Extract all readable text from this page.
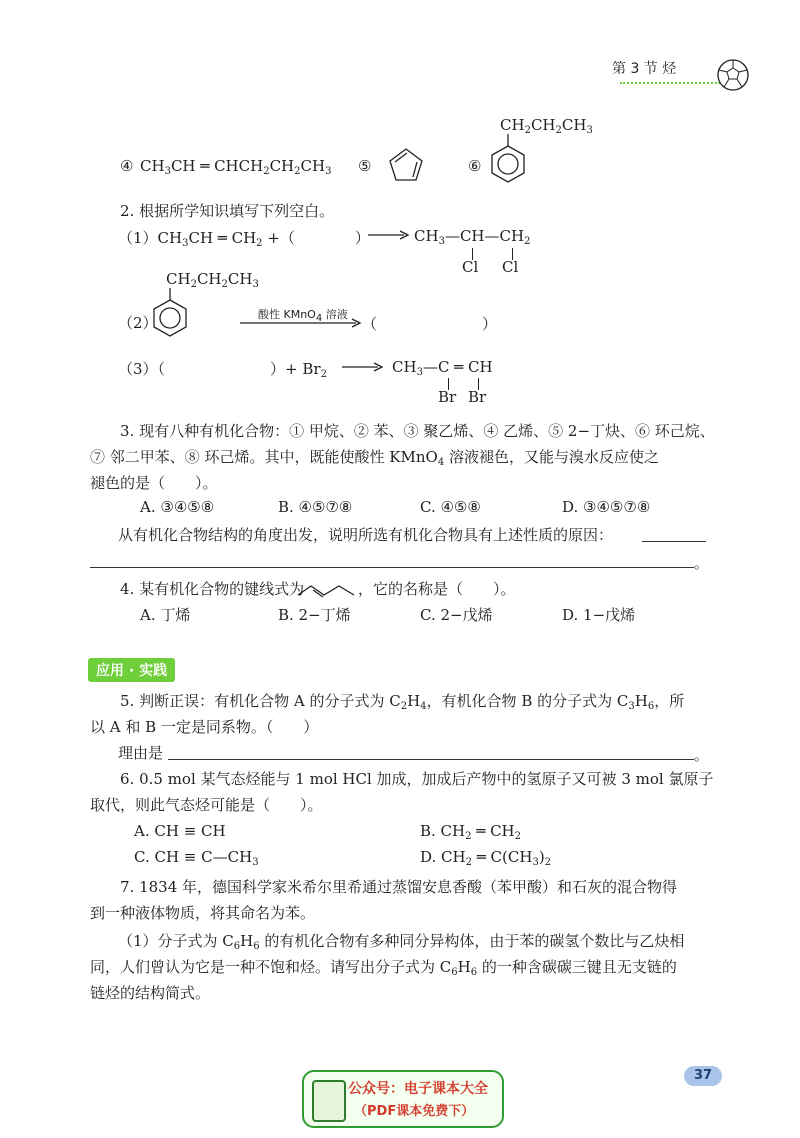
第 3 节 烃
④ $CH_3CH$ ═ $CHCH_2CH_2CH_3$ ⑤	⑥
$CH_2CH_2CH_3$
2. 根据所学知识填写下列空白。
$(1)CH_3CH$ ═ $CH_2$ +（　　　　）	$CH_3—CH—CH_2$
Cl Cl
$CH_2CH_2CH_3$
（2）	酸性 KMnO$_4$ 溶液
（　　　　　　　）
（3）（　　　　　　　）+ $Br_2$	$CH_3—C$ ═ CH
Br Br
3. 现有八种有机化合物：① 甲烷、② 苯、③ 聚乙烯、④ 乙烯、⑤ 2−丁炔、⑥ 环己烷、
⑦ 邻二甲苯、⑧ 环己烯。其中，既能使酸性 KMnO$_4$ 溶液褪色，又能与溴水反应使之
褪色的是（　　）。
A. ③④⑤⑧	B. ④⑤⑦⑧	C. ④⑤⑧	D. ③④⑤⑦⑧
从有机化合物结构的角度出发，说明所选有机化合物具有上述性质的原因：
。
4. 某有机化合物的键线式为	，它的名称是（　　）。
A. 丁烯	B. 2−丁烯	C. 2−戊烯	D. 1−戊烯
应用 · 实践
5. 判断正误：有机化合物 A 的分子式为 $C_2H_4$，有机化合物 B 的分子式为 $C_3H_6$，所
以 A 和 B 一定是同系物。（　　）
理由是	。
6. 0.5 mol 某气态烃能与 1 mol HCl 加成，加成后产物中的氢原子又可被 3 mol 氯原子
取代，则此气态烃可能是（　　）。
A. CH ≡ CH	B. $CH_2$ ═ $CH_2$
C. CH ≡ $C—CH_3$	D. $CH_2$ ═ $C(CH_3)_2$
7. 1834 年，德国科学家米希尔里希通过蒸馏安息香酸（苯甲酸）和石灰的混合物得
到一种液体物质，将其命名为苯。
（1）分子式为 $C_6H_6$ 的有机化合物有多种同分异构体，由于苯的碳氢个数比与乙炔相
同，人们曾认为它是一种不饱和烃。请写出分子式为 $C_6H_6$ 的一种含碳碳三键且无支链的
链烃的结构简式。
37
公众号：电子课本大全
（PDF课本免费下）
